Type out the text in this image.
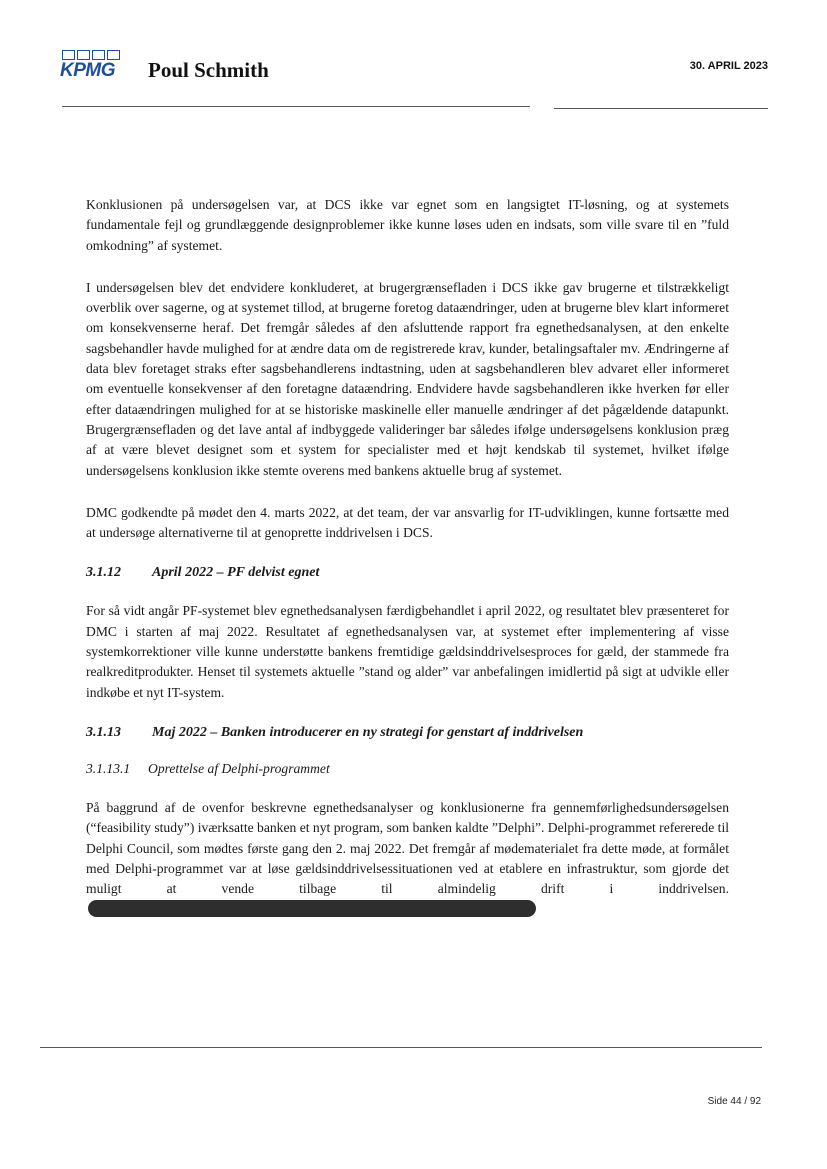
KPMG Poul Schmith	30. APRIL 2023

Konklusionen på undersøgelsen var, at DCS ikke var egnet som en langsigtet IT-løsning, og at systemets fundamentale fejl og grundlæggende designproblemer ikke kunne løses uden en indsats, som ville svare til en ”fuld omkodning” af systemet.

I undersøgelsen blev det endvidere konkluderet, at brugergrænsefladen i DCS ikke gav brugerne et tilstrækkeligt overblik over sagerne, og at systemet tillod, at brugerne foretog dataændringer, uden at brugerne blev klart informeret om konsekvenserne heraf. Det fremgår således af den afsluttende rapport fra egnethedsanalysen, at den enkelte sagsbehandler havde mulighed for at ændre data om de registrerede krav, kunder, betalingsaftaler mv. Ændringerne af data blev foretaget straks efter sagsbehandlerens indtastning, uden at sagsbehandleren blev advaret eller informeret om eventuelle konsekvenser af den foretagne dataændring. Endvidere havde sagsbehandleren ikke hverken før eller efter dataændringen mulighed for at se historiske maskinelle eller manuelle ændringer af det pågældende datapunkt. Brugergrænsefladen og det lave antal af indbyggede valideringer bar således ifølge undersøgelsens konklusion præg af at være blevet designet som et system for specialister med et højt kendskab til systemet, hvilket ifølge undersøgelsens konklusion ikke stemte overens med bankens aktuelle brug af systemet.

DMC godkendte på mødet den 4. marts 2022, at det team, der var ansvarlig for IT-udviklingen, kunne fortsætte med at undersøge alternativerne til at genoprette inddrivelsen i DCS.

3.1.12	April 2022 – PF delvist egnet

For så vidt angår PF-systemet blev egnethedsanalysen færdigbehandlet i april 2022, og resultatet blev præsenteret for DMC i starten af maj 2022. Resultatet af egnethedsanalysen var, at systemet efter implementering af visse systemkorrektioner ville kunne understøtte bankens fremtidige gældsinddrivelsesproces for gæld, der stammede fra realkreditprodukter. Henset til systemets aktuelle ”stand og alder” var anbefalingen imidlertid på sigt at udvikle eller indkøbe et nyt IT-system.

3.1.13	Maj 2022 – Banken introducerer en ny strategi for genstart af inddrivelsen
3.1.13.1	Oprettelse af Delphi-programmet

På baggrund af de ovenfor beskrevne egnethedsanalyser og konklusionerne fra gennemførlighedsundersøgelsen (“feasibility study”) iværksatte banken et nyt program, som banken kaldte ”Delphi”. Delphi-programmet refererede til Delphi Council, som mødtes første gang den 2. maj 2022. Det fremgår af mødematerialet fra dette møde, at formålet med Delphi-programmet var at løse gældsinddrivelsessituationen ved at etablere en infrastruktur, som gjorde det muligt at vende tilbage til almindelig drift i inddrivelsen.

Side 44 / 92
